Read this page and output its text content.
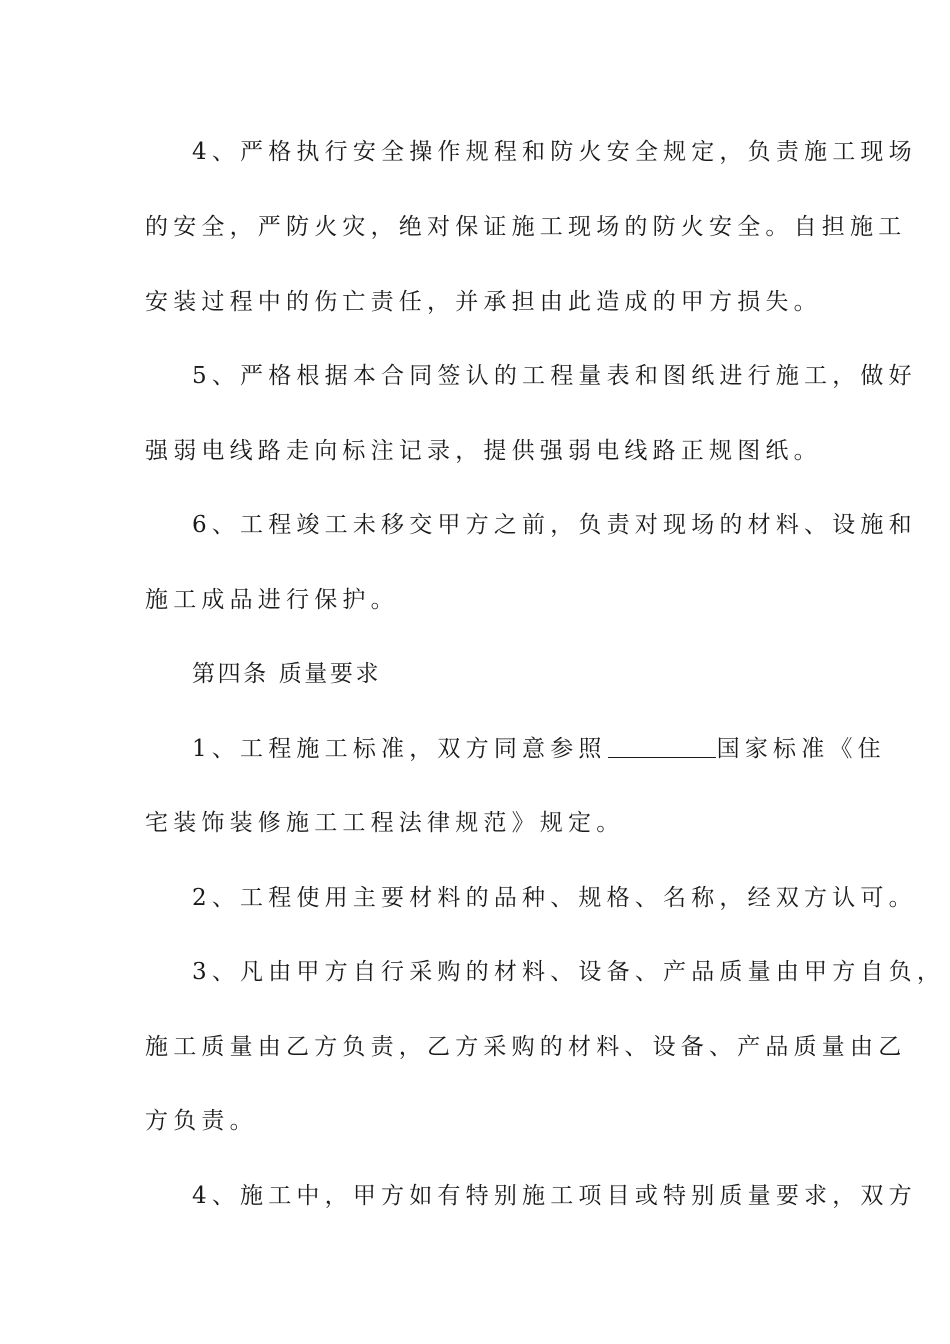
4、严格执行安全操作规程和防火安全规定，负责施工现场
的安全，严防火灾，绝对保证施工现场的防火安全。自担施工
安装过程中的伤亡责任，并承担由此造成的甲方损失。
5、严格根据本合同签认的工程量表和图纸进行施工，做好
强弱电线路走向标注记录，提供强弱电线路正规图纸。
6、工程竣工未移交甲方之前，负责对现场的材料、设施和
施工成品进行保护。
第四条 质量要求
1、工程施工标准，双方同意参照	国家标准《住
宅装饰装修施工工程法律规范》规定。
2、工程使用主要材料的品种、规格、名称，经双方认可。
3、凡由甲方自行采购的材料、设备、产品质量由甲方自负，
施工质量由乙方负责，乙方采购的材料、设备、产品质量由乙
方负责。
4、施工中，甲方如有特别施工项目或特别质量要求，双方
